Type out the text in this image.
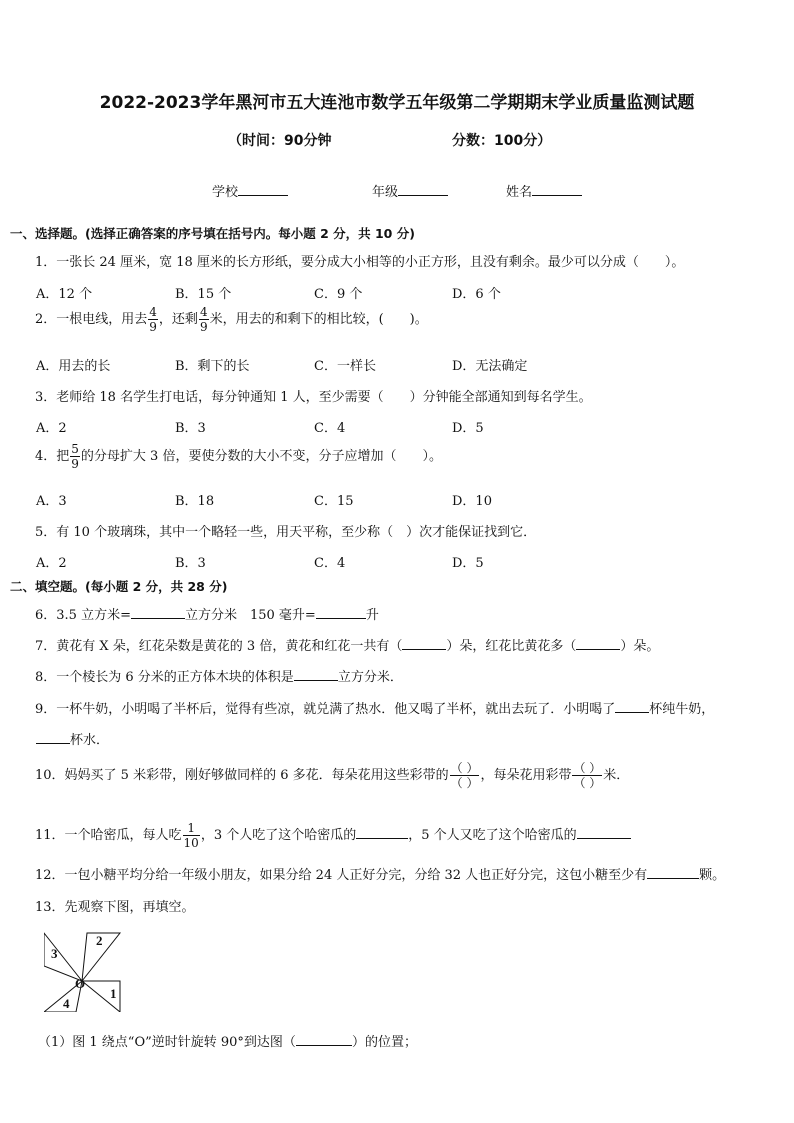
2022-2023学年黑河市五大连池市数学五年级第二学期期末学业质量监测试题
（时间：90分钟	分数：100分）
学校	年级	姓名
一、选择题。(选择正确答案的序号填在括号内。每小题 2 分，共 10 分)
1．一张长 24 厘米，宽 18 厘米的长方形纸，要分成大小相等的小正方形，且没有剩余。最少可以分成（　　）。
A．12 个	B．15 个	C．9 个	D．6 个
2．一根电线，用去 $\frac{4}{9}$ ，还剩 $\frac{4}{9}$ 米，用去的和剩下的相比较，(　　)。
A．用去的长	B．剩下的长	C．一样长	D．无法确定
3．老师给 18 名学生打电话，每分钟通知 1 人，至少需要（　　）分钟能全部通知到每名学生。
A．2	B．3	C．4	D．5
4．把 $\frac{5}{9}$ 的分母扩大 3 倍，要使分数的大小不变，分子应增加（　　）。
A．3	B．18	C．15	D．10
5．有 10 个玻璃珠，其中一个略轻一些，用天平称，至少称（　）次才能保证找到它．
A．2	B．3	C．4	D．5
二、填空题。(每小题 2 分，共 28 分)
6．3.5 立方米=	立方分米　150 毫升=	升
7．黄花有 X 朵，红花朵数是黄花的 3 倍，黄花和红花一共有（	）朵，红花比黄花多（	）朵。
8．一个棱长为 6 分米的正方体木块的体积是	立方分米．
9．一杯牛奶，小明喝了半杯后，觉得有些凉，就兑满了热水．他又喝了半杯，就出去玩了．小明喝了	杯纯牛奶，
杯水．
10．妈妈买了 5 米彩带，刚好够做同样的 6 多花．每朵花用这些彩带的 $\frac{( )}{( )}$ ，每朵花用彩带 $\frac{( )}{( )}$ 米．
11．一个哈密瓜，每人吃 $\frac{1}{10}$ ，3 个人吃了这个哈密瓜的	，5 个人又吃了这个哈密瓜的
12．一包小糖平均分给一年级小朋友，如果分给 24 人正好分完，分给 32 人也正好分完，这包小糖至少有	颗。
13．先观察下图，再填空。
3
2
O
4
1
（1）图 1 绕点“O”逆时针旋转 90°到达图（	）的位置；
